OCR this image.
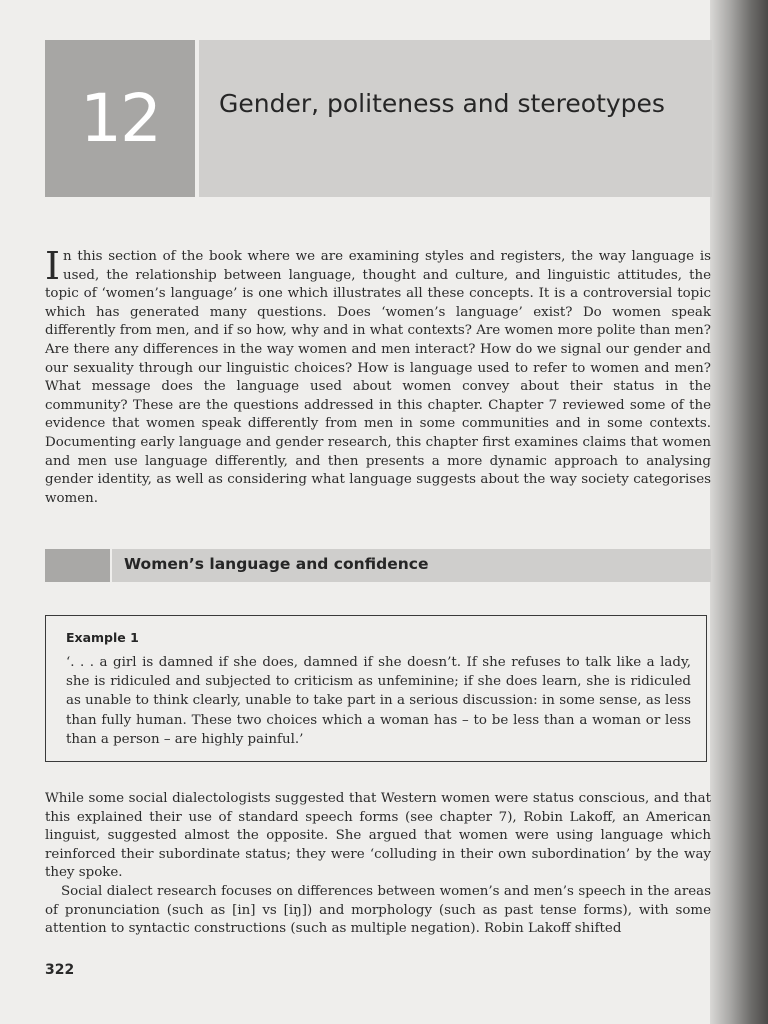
12 Gender, politeness and stereotypes

In this section of the book where we are examining styles and registers, the way language is used, the relationship between language, thought and culture, and linguistic attitudes, the topic of ‘women’s language’ is one which illustrates all these concepts. It is a controversial topic which has generated many questions. Does ‘women’s language’ exist? Do women speak differently from men, and if so how, why and in what contexts? Are women more polite than men? Are there any differences in the way women and men interact? How do we signal our gender and our sexuality through our linguistic choices? How is language used to refer to women and men? What message does the language used about women convey about their status in the community? These are the questions addressed in this chapter. Chapter 7 reviewed some of the evidence that women speak differently from men in some communities and in some contexts. Documenting early language and gender research, this chapter first examines claims that women and men use language differently, and then presents a more dynamic approach to analysing gender identity, as well as considering what language suggests about the way society categorises women.

Women’s language and confidence
Example 1

‘. . . a girl is damned if she does, damned if she doesn’t. If she refuses to talk like a lady, she is ridiculed and subjected to criticism as unfeminine; if she does learn, she is ridiculed as unable to think clearly, unable to take part in a serious discussion: in some sense, as less than fully human. These two choices which a woman has – to be less than a woman or less than a person – are highly painful.’

While some social dialectologists suggested that Western women were status conscious, and that this explained their use of standard speech forms (see chapter 7), Robin Lakoff, an American linguist, suggested almost the opposite. She argued that women were using language which reinforced their subordinate status; they were ‘colluding in their own subordination’ by the way they spoke.

Social dialect research focuses on differences between women’s and men’s speech in the areas of pronunciation (such as [in] vs [iŋ]) and morphology (such as past tense forms), with some attention to syntactic constructions (such as multiple negation). Robin Lakoff shifted

322
